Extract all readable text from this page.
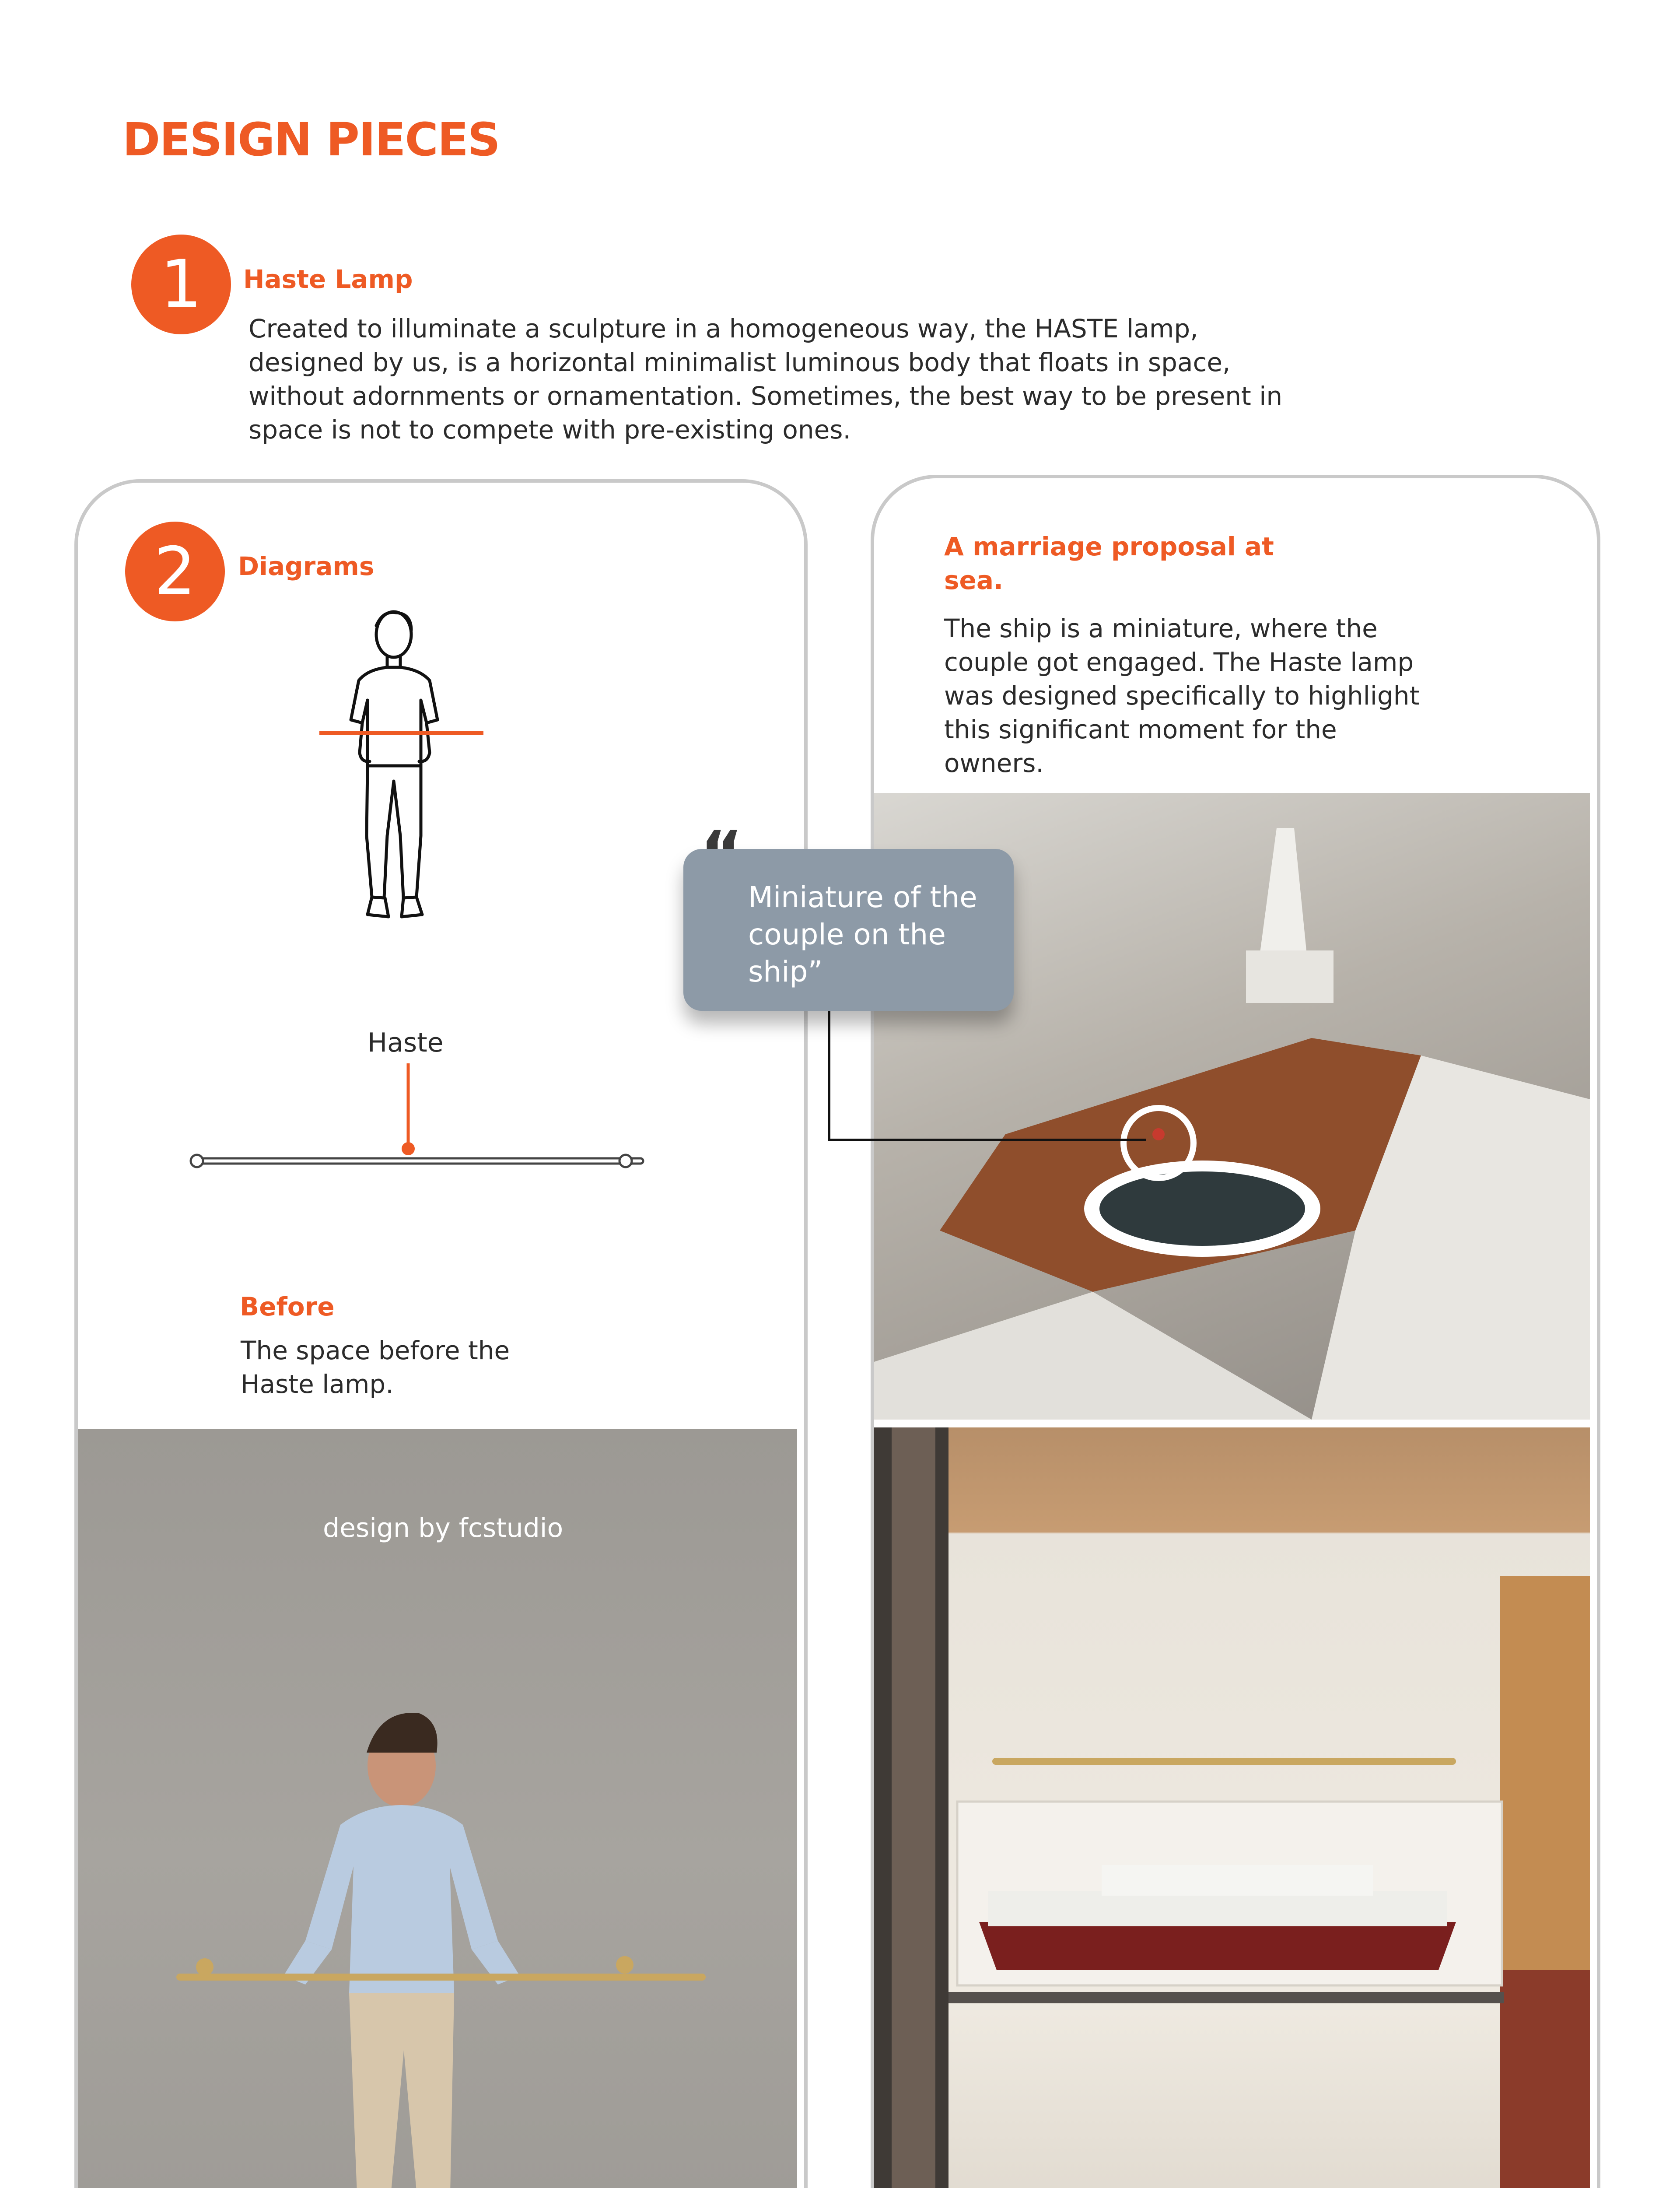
DESIGN PIECES
1 Haste Lamp
Created to illuminate a sculpture in a homogeneous way, the HASTE lamp, designed by us, is a horizontal minimalist luminous body that floats in space, without adornments or ornamentation. Sometimes, the best way to be present in space is not to compete with pre-existing ones.
2 Diagrams
Haste
Before
The space before the Haste lamp.
design by fcstudio
A marriage proposal at sea.
The ship is a miniature, where the couple got engaged. The Haste lamp was designed specifically to highlight this significant moment for the owners.
Miniature of the couple on the ship”
